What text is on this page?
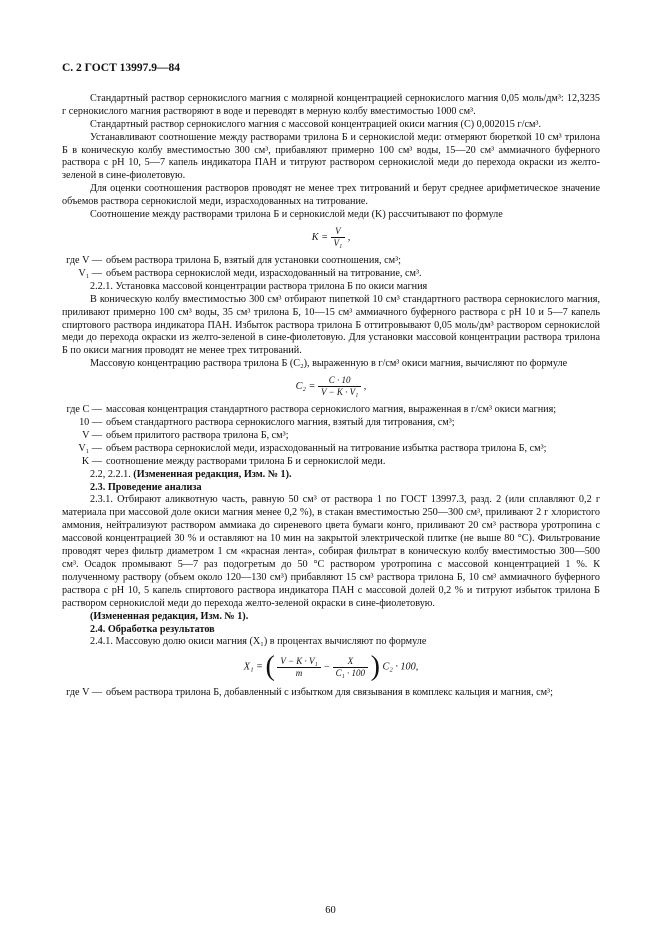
С. 2 ГОСТ 13997.9—84

Стандартный раствор сернокислого магния с молярной концентрацией сернокислого магния 0,05 моль/дм³: 12,3235 г сернокислого магния растворяют в воде и переводят в мерную колбу вместимостью 1000 см³.

Стандартный раствор сернокислого магния с массовой концентрацией окиси магния (C) 0,002015 г/см³.

Устанавливают соотношение между растворами трилона Б и сернокислой меди: отмеряют бюреткой 10 см³ трилона Б в коническую колбу вместимостью 300 см³, прибавляют примерно 100 см³ воды, 15—20 см³ аммиачного буферного раствора с pH 10, 5—7 капель индикатора ПАН и титруют раствором сернокислой меди до перехода окраски из желто-зеленой в сине-фиолетовую.

Для оценки соотношения растворов проводят не менее трех титрований и берут среднее арифметическое значение объемов раствора сернокислой меди, израсходованных на титрование.

Соотношение между растворами трилона Б и сернокислой меди (K) рассчитывают по формуле

$K = \frac{V}{\text{V₁}}$ ,
где V — объем раствора трилона Б, взятый для установки соотношения, см³;
V₁ — объем раствора сернокислой меди, израсходованный на титрование, см³.

2.2.1. Установка массовой концентрации раствора трилона Б по окиси магния

В коническую колбу вместимостью 300 см³ отбирают пипеткой 10 см³ стандартного раствора сернокислого магния, приливают примерно 100 см³ воды, 35 см³ трилона Б, 10—15 см³ аммиачного буферного раствора с pH 10 и 5—7 капель спиртового раствора индикатора ПАН. Избыток раствора трилона Б оттитровывают 0,05 моль/дм³ раствором сернокислой меди до перехода окраски из желто-зеленой в сине-фиолетовую. Для установки массовой концентрации раствора трилона Б по окиси магния проводят не менее трех титрований.

Массовую концентрацию раствора трилона Б (C₂), выраженную в г/см³ окиси магния, вычисляют по формуле

$C_2 = \frac{C \cdot 10}{\text{V − K · V₁}}$ ,
где C — массовая концентрация стандартного раствора сернокислого магния, выраженная в г/см³ окиси магния;
10 — объем стандартного раствора сернокислого магния, взятый для титрования, см³;
V — объем прилитого раствора трилона Б, см³;
V₁ — объем раствора сернокислой меди, израсходованный на титрование избытка раствора трилона Б, см³;
K — соотношение между растворами трилона Б и сернокислой меди.

2.2, 2.2.1. (Измененная редакция, Изм. № 1).

2.3. Проведение анализа

2.3.1. Отбирают аликвотную часть, равную 50 см³ от раствора 1 по ГОСТ 13997.3, разд. 2 (или сплавляют 0,2 г материала при массовой доле окиси магния менее 0,2 %), в стакан вместимостью 250—300 см³, приливают 2 г хлористого аммония, нейтрализуют раствором аммиака до сиреневого цвета бумаги конго, приливают 20 см³ раствора уротропина с массовой концентрацией 30 % и оставляют на 10 мин на закрытой электрической плитке (не выше 80 °C). Фильтрование проводят через фильтр диаметром 1 см «красная лента», собирая фильтрат в коническую колбу вместимостью 300—500 см³. Осадок промывают 5—7 раз подогретым до 50 °C раствором уротропина с массовой концентрацией 1 %. К полученному раствору (объем около 120—130 см³) прибавляют 15 см³ раствора трилона Б, 10 см³ аммиачного буферного раствора с pH 10, 5 капель спиртового раствора индикатора ПАН с массовой долей 0,2 % и титруют избыток трилона Б раствором сернокислой меди до перехода желто-зеленой окраски в сине-фиолетовую.

(Измененная редакция, Изм. № 1).

2.4. Обработка результатов

2.4.1. Массовую долю окиси магния (X₁) в процентах вычисляют по формуле

X₁ = ( $\frac{\text{V − K · V₁}}{m} - \frac{X}{\text{C₁ · 100}}$ ) C₂ · 100,
где V — объем раствора трилона Б, добавленный с избытком для связывания в комплекс кальция и магния, см³;
60
